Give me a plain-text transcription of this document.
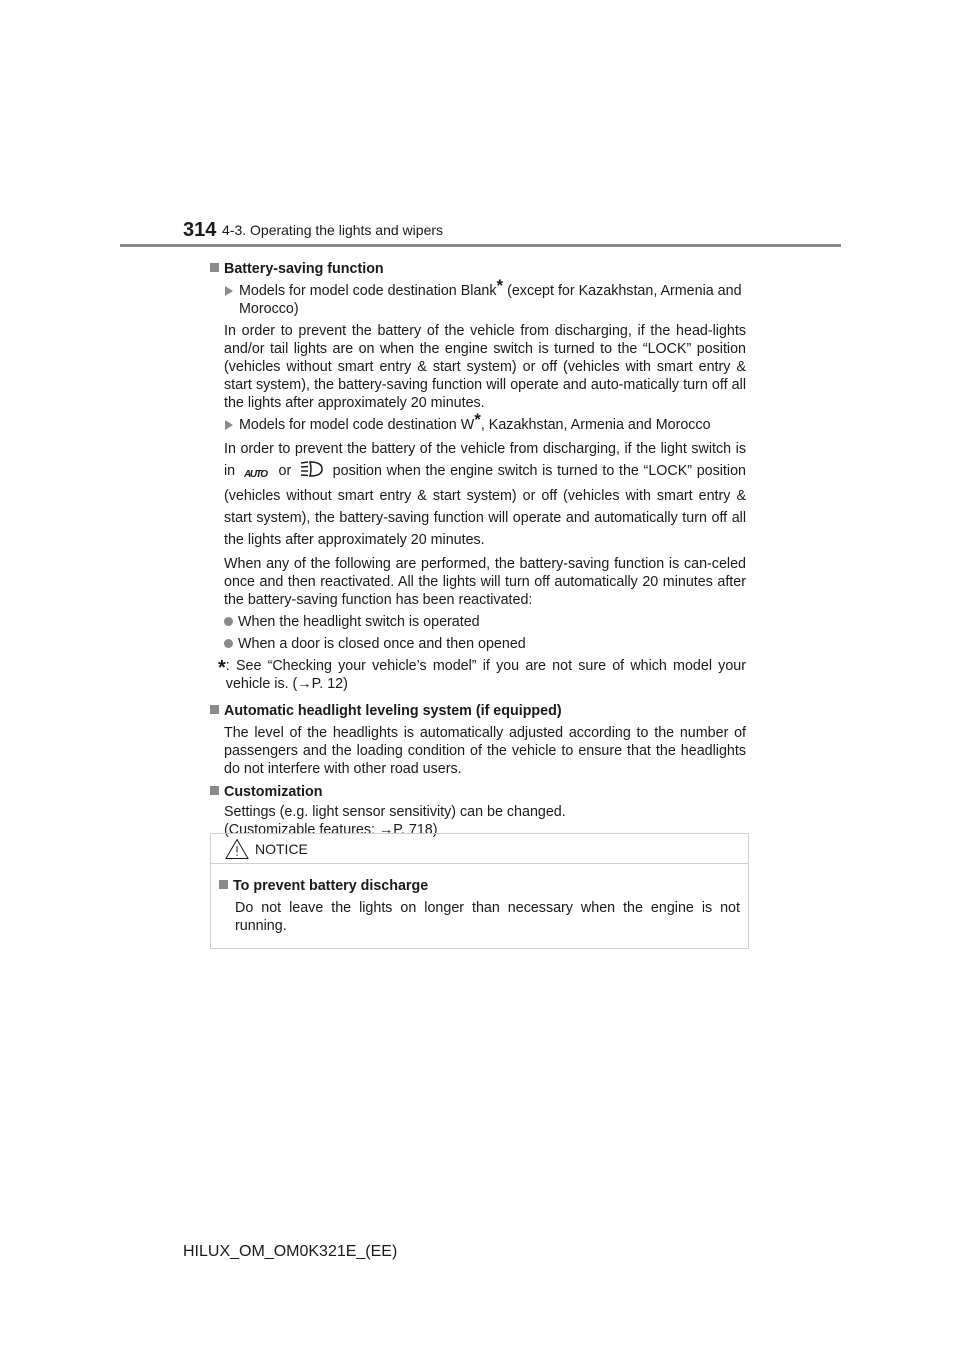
314 4-3. Operating the lights and wipers
Battery-saving function
Models for model code destination Blank* (except for Kazakhstan, Armenia and Morocco)
In order to prevent the battery of the vehicle from discharging, if the head-lights and/or tail lights are on when the engine switch is turned to the “LOCK” position (vehicles without smart entry & start system) or off (vehicles with smart entry & start system), the battery-saving function will operate and auto-matically turn off all the lights after approximately 20 minutes.
Models for model code destination W*, Kazakhstan, Armenia and Morocco
In order to prevent the battery of the vehicle from discharging, if the light switch is in AUTO or	position when the engine switch is turned to the “LOCK” position (vehicles without smart entry & start system) or off (vehicles with smart entry & start system), the battery-saving function will operate and automatically turn off all the lights after approximately 20 minutes.
When any of the following are performed, the battery-saving function is can-celed once and then reactivated. All the lights will turn off automatically 20 minutes after the battery-saving function has been reactivated:
When the headlight switch is operated
When a door is closed once and then opened
* : See “Checking your vehicle’s model” if you are not sure of which model your vehicle is. (→P. 12)
Automatic headlight leveling system (if equipped)
The level of the headlights is automatically adjusted according to the number of passengers and the loading condition of the vehicle to ensure that the headlights do not interfere with other road users.
Customization
Settings (e.g. light sensor sensitivity) can be changed.
(Customizable features: →P. 718)
NOTICE
To prevent battery discharge
Do not leave the lights on longer than necessary when the engine is not running.
HILUX_OM_OM0K321E_(EE)
